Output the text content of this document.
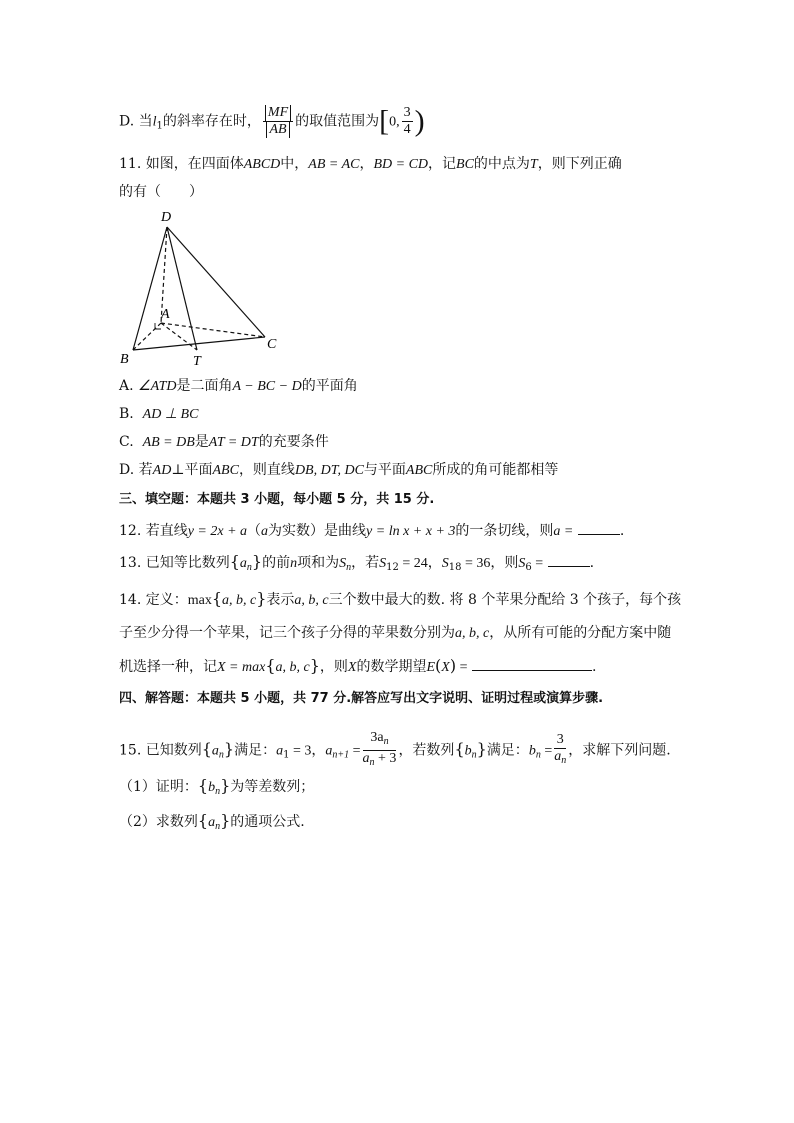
D. 当$l_1$的斜率存在时， $\frac{MF}{AB}$ 的取值范围为[0, $\frac{3}{4}$ )
11. 如图，在四面体ABCD中，AB = AC，BD = CD，记BC的中点为T，则下列正确
的有（　　）
D
A
B	T
C
A. ∠ATD是二面角A − BC − D的平面角
B. AD ⊥ BC
C. AB = DB是AT = DT的充要条件
D. 若AD⊥平面ABC，则直线DB, DT, DC与平面ABC所成的角可能都相等
三、填空题：本题共 3 小题，每小题 5 分，共 15 分.
12. 若直线y = 2x + a（a为实数）是曲线y = ln x + x + 3的一条切线，则a =	.
13. 已知等比数列$\{a_n\}$的前n项和为$S_n$，若$S_{12} = 24$，$S_{18} = 36$，则$S_6$ =	.
14. 定义：max{a, b, c}表示a, b, c三个数中最大的数. 将 8 个苹果分配给 3 个孩子，每个孩
子至少分得一个苹果，记三个孩子分得的苹果数分别为a, b, c，从所有可能的分配方案中随
机选择一种，记X = max{a, b, c}，则X的数学期望E(X) =	.
四、解答题：本题共 5 小题，共 77 分.解答应写出文字说明、证明过程或演算步骤.
15. 已知数列$\{a_n\}$满足：$a_1 = 3$，$a_{n+1} = \frac{3a_n}{a_n + 3}$ ，若数列$\{b_n\}$满足：$b_n = \frac{3}{a_n}$ ，求解下列问题.
（1）证明：$\{b_n\}$为等差数列；
（2）求数列$\{a_n\}$的通项公式.
